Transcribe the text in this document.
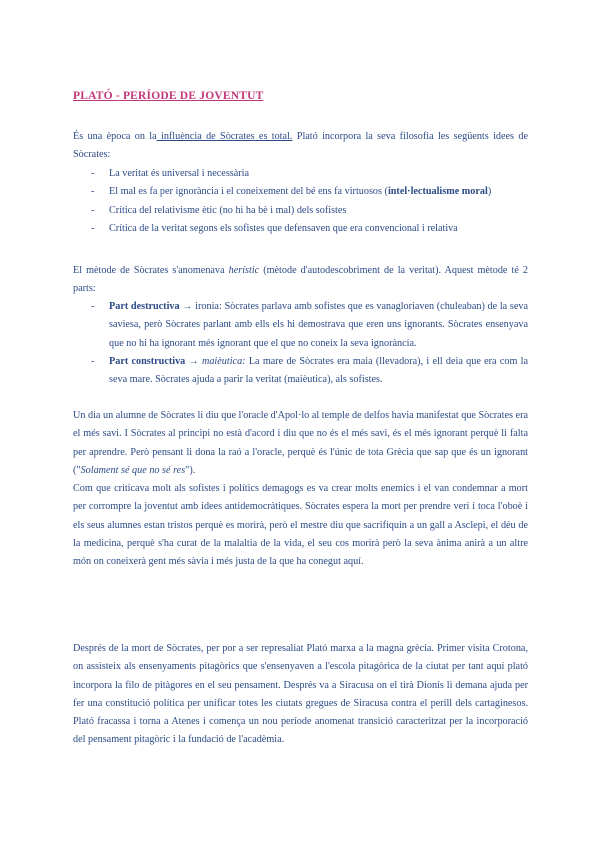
PLATÓ - PERÍODE DE JOVENTUT
És una època on la influència de Sòcrates es total. Plató incorpora la seva filosofia les següents idees de Sòcrates:
- La veritat és universal i necessària
- El mal es fa per ignorància i el coneixement del bé ens fa virtuosos (intel·lectualisme moral)
- Crítica del relativisme ètic (no hi ha bè i mal) dels sofistes
- Crítica de la veritat segons els sofistes que defensaven que era convencional i relativa
El mètode de Sòcrates s'anomenava herístic (mètode d'autodescobriment de la veritat). Aquest mètode té 2 parts:
- Part destructiva → ironia: Sòcrates parlava amb sofistes que es vanagloriaven (chuleaban) de la seva saviesa, però Sòcrates parlant amb ells els hi demostrava que eren uns ignorants. Sòcrates ensenyava que no hi ha ignorant més ignorant que el que no coneix la seva ignorància.
- Part constructiva → maièutica: La mare de Sòcrates era maia (llevadora), i ell deia que era com la seva mare. Sòcrates ajuda a parir la veritat (maièutica), als sofistes.
Un dia un alumne de Sòcrates li diu que l'oracle d'Apol·lo al temple de delfos havia manifestat que Sòcrates era el més savi. I Sòcrates al principi no està d'acord i diu que no és el més savi, és el més ignorant perquè li falta per aprendre. Però pensant li dona la raó a l'oracle, perquè és l'únic de tota Grècia que sap que és un ignorant ("Solament sé que no sé res").
Com que criticava molt als sofistes i polítics demagogs es va crear molts enemics i el van condemnar a mort per corrompre la joventut amb idees antidemocràtiques. Sòcrates espera la mort per prendre verí i toca l'oboè i els seus alumnes estan tristos perquè es morirà, però el mestre diu que sacrifiquin a un gall a Asclepi, el déu de la medicina, perquè s'ha curat de la malaltia de la vida, el seu cos morirà però la seva ànima anirà a un altre món on coneixerà gent més sàvia i més justa de la que ha conegut aquí.
Després de la mort de Sòcrates, per por a ser represaliat Plató marxa a la magna grècia. Primer visita Crotona, on assisteix als ensenyaments pitagòrics que s'ensenyaven a l'escola pitagòrica de la ciutat per tant aquí plató incorpora la filo de pitàgores en el seu pensament. Després va a Siracusa on el tirà Dionís li demana ajuda per fer una constitució política per unificar totes les ciutats gregues de Siracusa contra el perill dels cartaginesos. Plató fracassa i torna a Atenes i comença un nou període anomenat transició caracteritzat per la incorporació del pensament pitagòric i la fundació de l'acadèmia.
